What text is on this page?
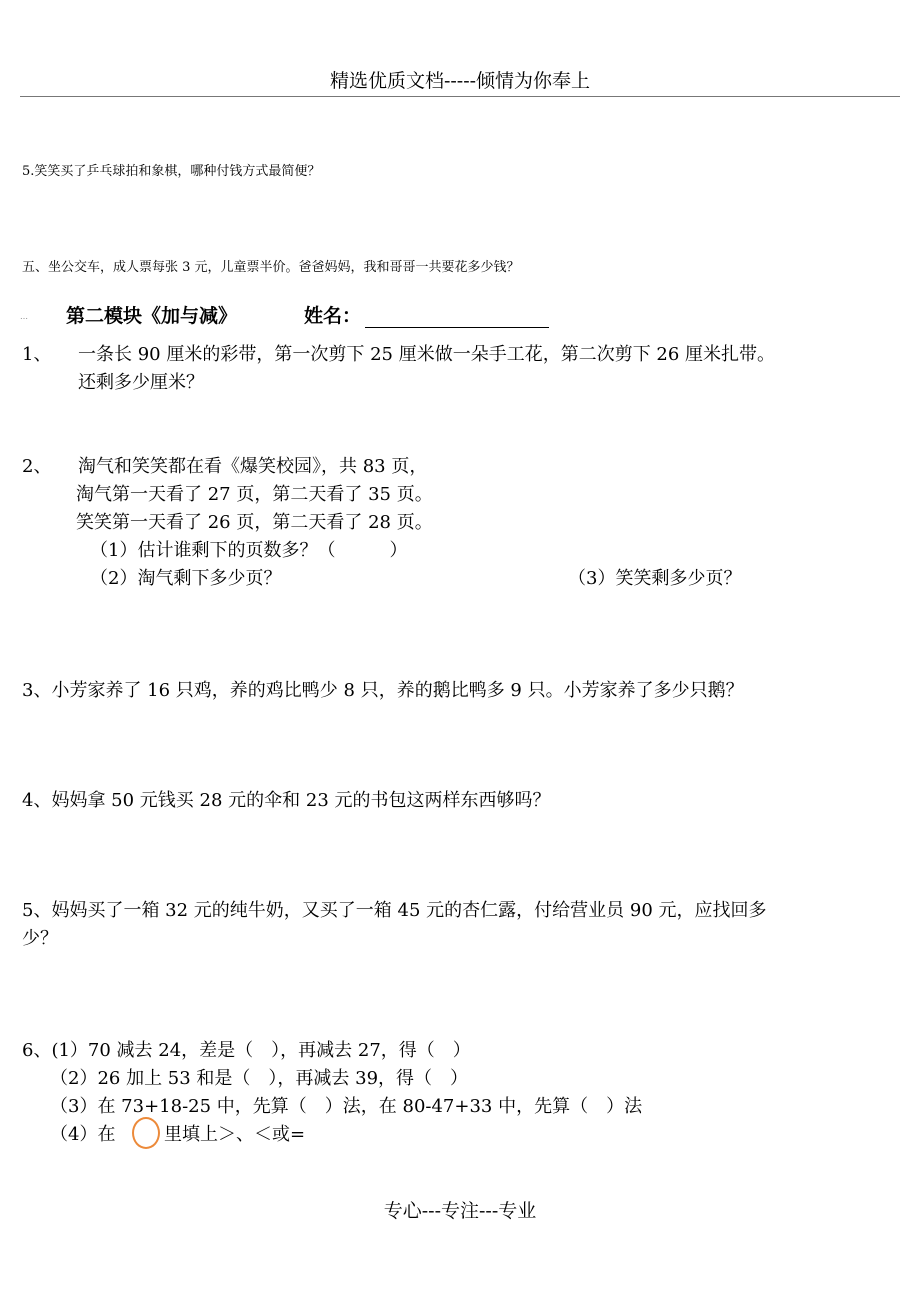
精选优质文档-----倾情为你奉上
5.笑笑买了乒乓球拍和象棋，哪种付钱方式最简便？
五、坐公交车，成人票每张 3 元，儿童票半价。爸爸妈妈，我和哥哥一共要花多少钱？
… 第二模块《加与减》	姓名：
1、 一条长 90 厘米的彩带，第一次剪下 25 厘米做一朵手工花，第二次剪下 26 厘米扎带。
还剩多少厘米？
2、 淘气和笑笑都在看《爆笑校园》，共 83 页，
淘气第一天看了 27 页，第二天看了 35 页。
笑笑第一天看了 26 页，第二天看了 28 页。
（1）估计谁剩下的页数多？（　　　）
（2）淘气剩下多少页？	（3）笑笑剩多少页？
3、小芳家养了 16 只鸡，养的鸡比鸭少 8 只，养的鹅比鸭多 9 只。小芳家养了多少只鹅？
4、妈妈拿 50 元钱买 28 元的伞和 23 元的书包这两样东西够吗？
5、妈妈买了一箱 32 元的纯牛奶，又买了一箱 45 元的杏仁露，付给营业员 90 元，应找回多
少？
6、(1）70 减去 24，差是（　），再减去 27，得（　）
（2）26 加上 53 和是（　），再减去 39，得（　）
（3）在 73+18-25 中，先算（　）法，在 80-47+33 中，先算（　）法
（4）在	里填上＞、＜或=
专心---专注---专业
